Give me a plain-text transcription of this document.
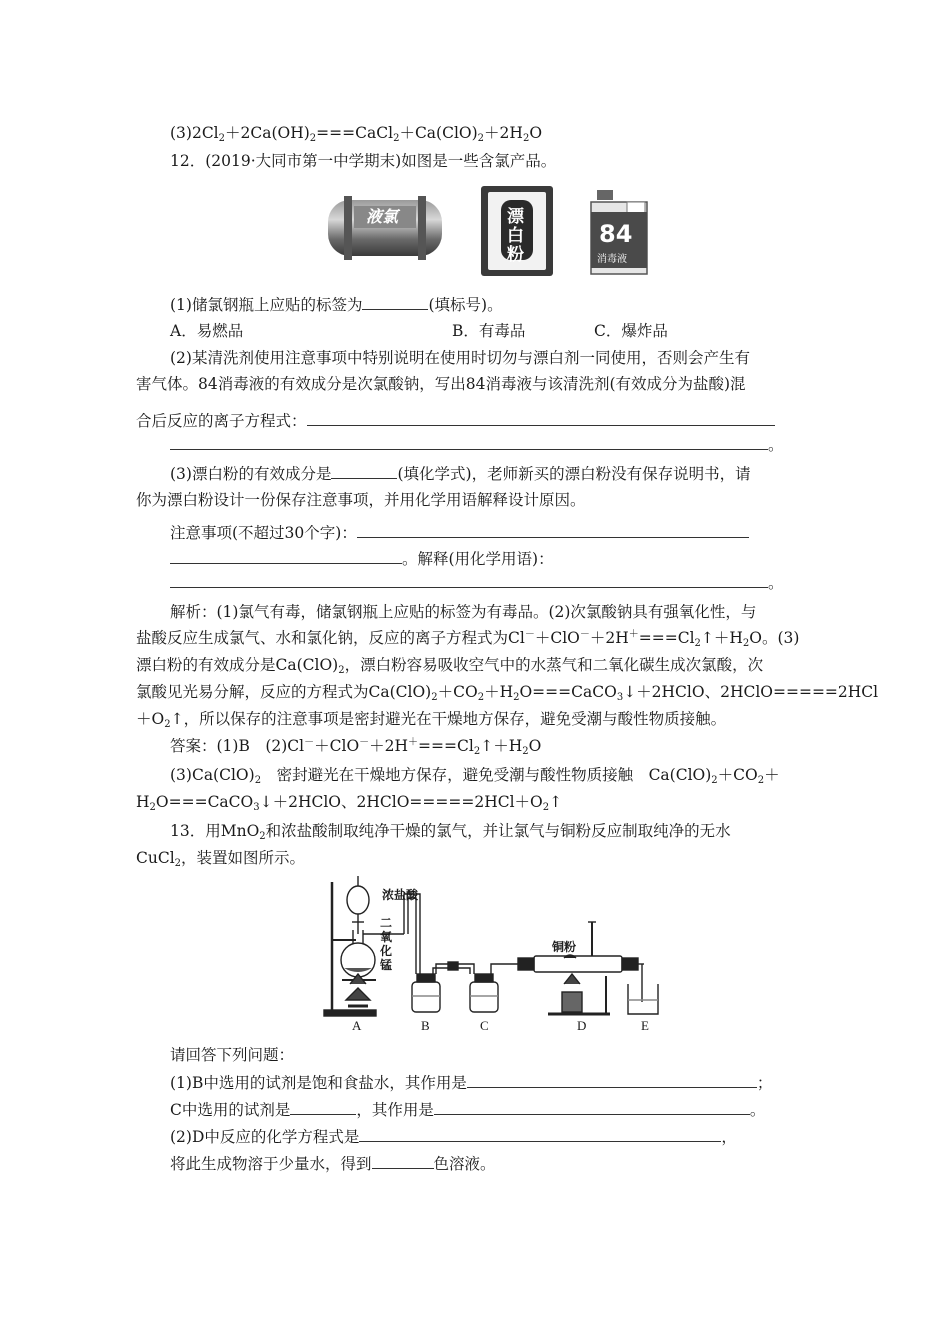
$(3)2Cl_2+2Ca(OH)_2===CaCl_2+Ca(ClO)_2+2H_2O$
12．(2019·大同市第一中学期末)如图是一些含氯产品。
液氯	漂
白
粉
84
消毒液
(1)储氯钢瓶上应贴的标签为	(填标号)。
A．易燃品	B．有毒品	C．爆炸品
(2)某清洗剂使用注意事项中特别说明在使用时切勿与漂白剂一同使用，否则会产生有
害气体。84消毒液的有效成分是次氯酸钠，写出84消毒液与该清洗剂(有效成分为盐酸)混
合后反应的离子方程式：
。
(3)漂白粉的有效成分是	(填化学式)，老师新买的漂白粉没有保存说明书，请
你为漂白粉设计一份保存注意事项，并用化学用语解释设计原因。
注意事项(不超过30个字)：
。解释(用化学用语)：
。
解析：(1)氯气有毒，储氯钢瓶上应贴的标签为有毒品。(2)次氯酸钠具有强氧化性，与
盐酸反应生成氯气、水和氯化钠，反应的离子方程式为$Cl^-+ClO^-+2H^+===Cl_2↑+H_2O$。(3)
漂白粉的有效成分是$Ca(ClO)_2$，漂白粉容易吸收空气中的水蒸气和二氧化碳生成次氯酸，次
氯酸见光易分解，反应的方程式为$Ca(ClO)_2+CO_2+H_2O===CaCO_3↓+2HClO$、2HClO=====2HCl
$+O_2↑$，所以保存的注意事项是密封避光在干燥地方保存，避免受潮与酸性物质接触。
答案：(1)B　$(2)Cl^-+ClO^-+2H^+===Cl_2↑+H_2O$
$(3)Ca(ClO)_2$　密封避光在干燥地方保存，避免受潮与酸性物质接触　$Ca(ClO)_2+CO_2+$
$H_2O===CaCO_3↓+2HClO$、$2HClO=====2HCl+O_2↑$
13．用MnO$_2$和浓盐酸制取纯净干燥的氯气，并让氯气与铜粉反应制取纯净的无水
CuCl$_2$，装置如图所示。
浓盐酸
二
氧
化
锰
铜粉
A	B	C	D	E
请回答下列问题：
(1)B中选用的试剂是饱和食盐水，其作用是	；
C中选用的试剂是	，其作用是	。
(2)D中反应的化学方程式是	，
将此生成物溶于少量水，得到	色溶液。
